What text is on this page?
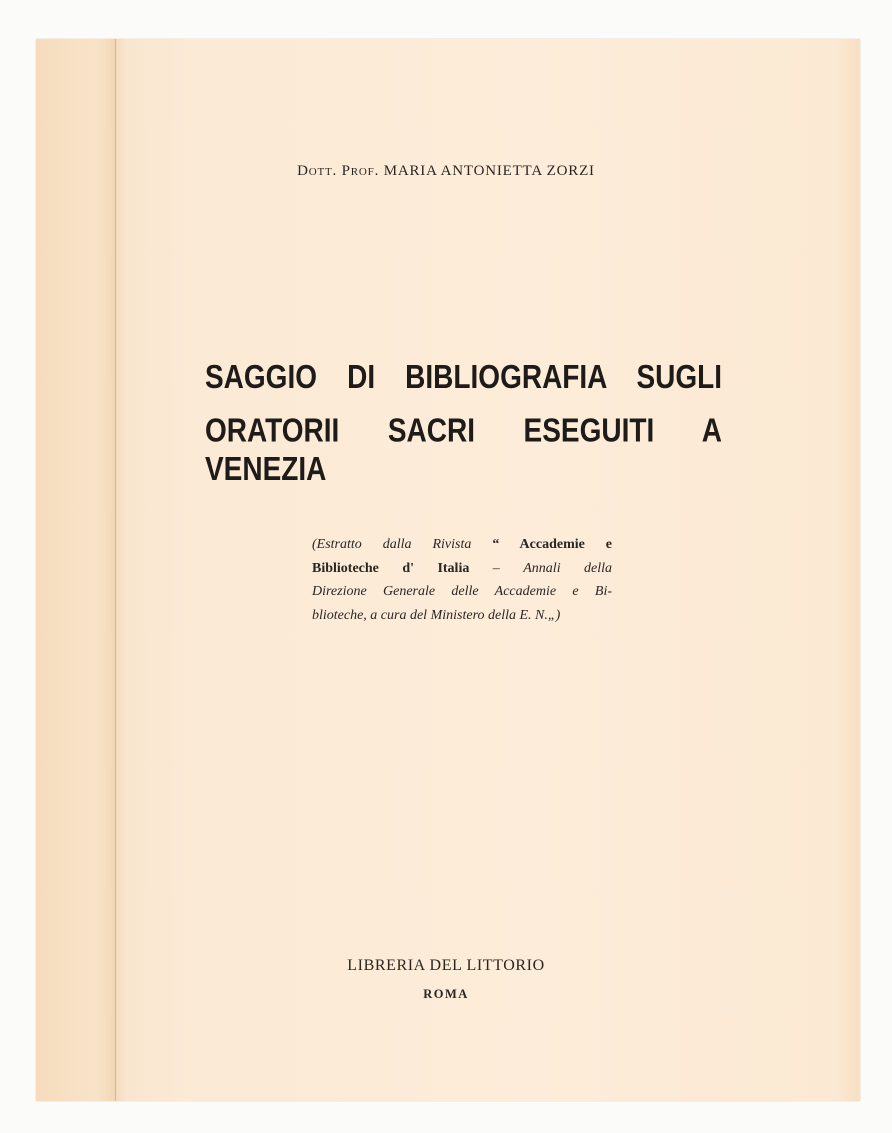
Dott. Prof. MARIA ANTONIETTA ZORZI
SAGGIO DI BIBLIOGRAFIA SUGLI
ORATORII SACRI ESEGUITI A VENEZIA
(Estratto dalla Rivista “ Accademie e
Biblioteche d' Italia – Annali della
Direzione Generale delle Accademie e Bi-
blioteche, a cura del Ministero della E. N.„)
LIBRERIA DEL LITTORIO
ROMA
